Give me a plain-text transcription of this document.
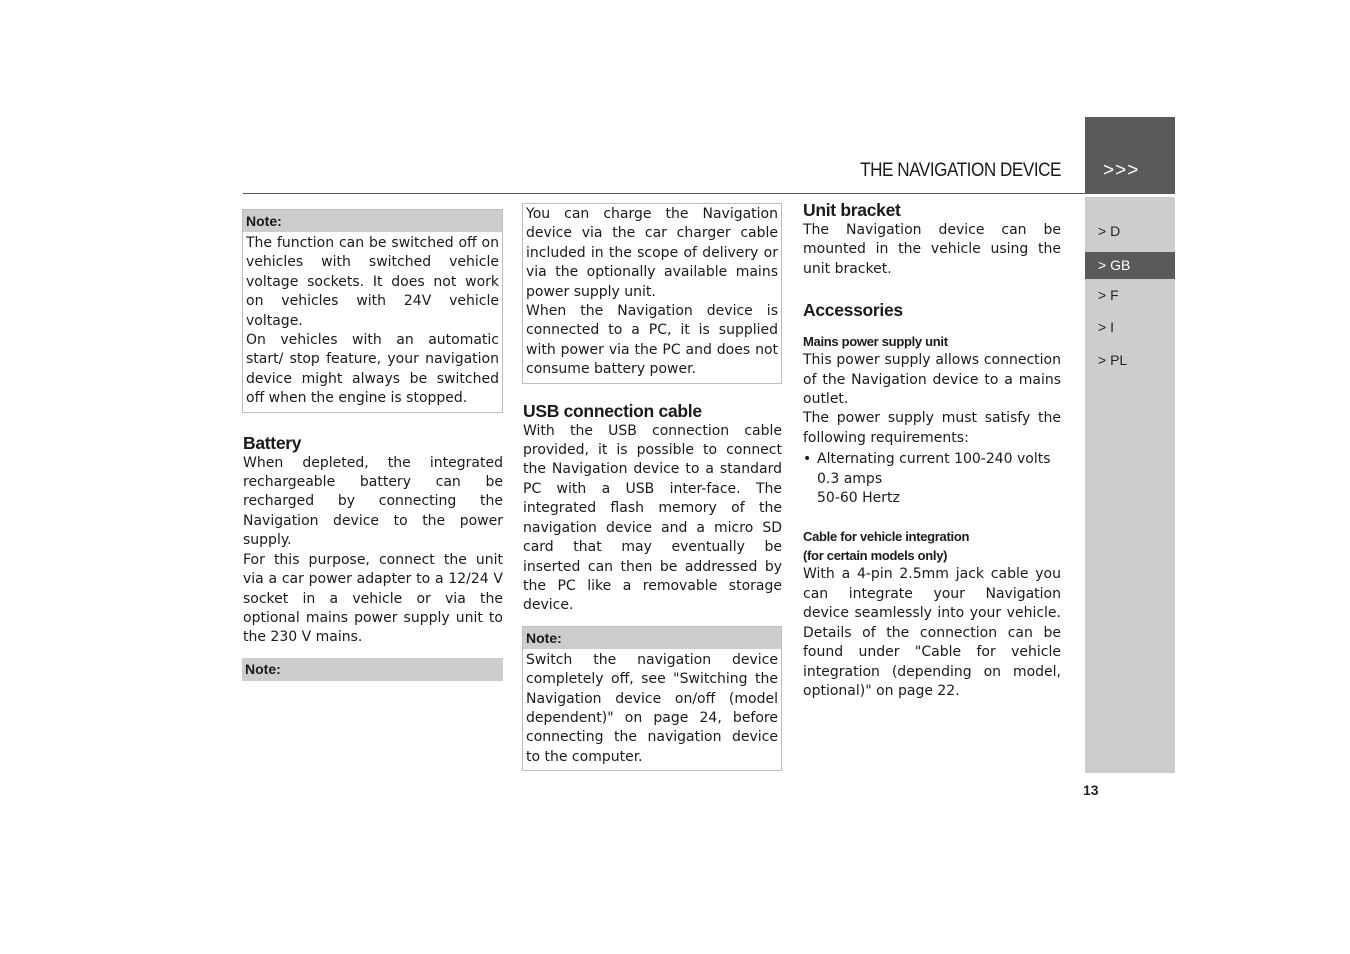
THE NAVIGATION DEVICE >>>
> D
> GB
> F
> I
> PL
13
Note:

The function can be switched off on vehicles with switched vehicle voltage sockets. It does not work on vehicles with 24V vehicle voltage.

On vehicles with an automatic start/ stop feature, your navigation device might always be switched off when the engine is stopped.

Battery

When depleted, the integrated rechargeable battery can be recharged by connecting the Navigation device to the power supply.

For this purpose, connect the unit via a car power adapter to a 12/24 V socket in a vehicle or via the optional mains power supply unit to the 230 V mains.

Note:

You can charge the Navigation device via the car charger cable included in the scope of delivery or via the optionally available mains power supply unit.

When the Navigation device is connected to a PC, it is supplied with power via the PC and does not consume battery power.

USB connection cable

With the USB connection cable provided, it is possible to connect the Navigation device to a standard PC with a USB inter-face. The integrated flash memory of the navigation device and a micro SD card that may eventually be inserted can then be addressed by the PC like a removable storage device.

Note:

Switch the navigation device completely off, see "Switching the Navigation device on/off (model dependent)" on page 24, before connecting the navigation device to the computer.

Unit bracket

The Navigation device can be mounted in the vehicle using the unit bracket.

Accessories
Mains power supply unit

This power supply allows connection of the Navigation device to a mains outlet.

The power supply must satisfy the following requirements:

• Alternating current 100-240 volts
0.3 amps
50-60 Hertz
Cable for vehicle integration
(for certain models only)

With a 4-pin 2.5mm jack cable you can integrate your Navigation device seamlessly into your vehicle. Details of the connection can be found under "Cable for vehicle integration (depending on model, optional)" on page 22.
